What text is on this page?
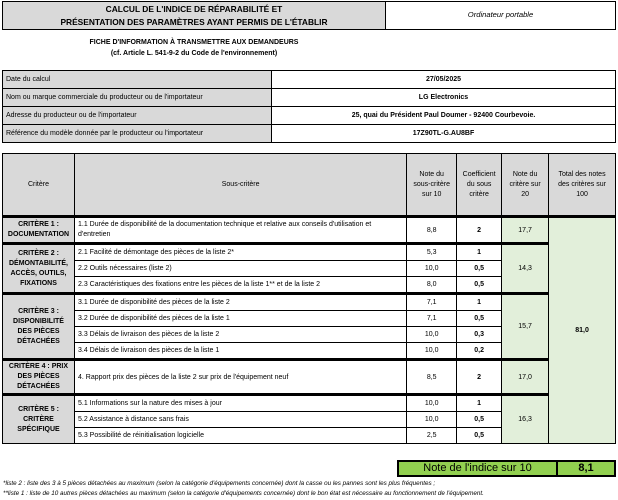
CALCUL DE L'INDICE DE RÉPARABILITÉ ET
PRÉSENTATION DES PARAMÈTRES AYANT PERMIS DE L'ÉTABLIR
Ordinateur portable
FICHE D'INFORMATION À TRANSMETTRE AUX DEMANDEURS
(cf. Article L. 541-9-2 du Code de l'environnement)
Date du calcul	27/05/2025
Nom ou marque commerciale du producteur ou de l'importateur	LG Electronics
Adresse du producteur ou de l'importateur	25, quai du Président Paul Doumer - 92400 Courbevoie.
Référence du modèle donnée par le producteur ou l'importateur	17Z90TL-G.AU8BF
Critère	Sous-critère	Note du sous-critère sur 10	Coefficient du sous critère	Note du critère sur 20	Total des notes des critères sur 100
CRITÈRE 1 : DOCUMENTATION	1.1 Durée de disponibilité de la documentation technique et relative aux conseils d'utilisation et d'entretien	8,8	2	17,7	81,0
CRITÈRE 2 : DÉMONTABILITÉ, ACCÈS, OUTILS, FIXATIONS	2.1 Facilité de démontage des pièces de la liste 2*	5,3	1	14,3	
	2.2 Outils nécessaires (liste 2)	10,0	0,5		
	2.3 Caractéristiques des fixations entre les pièces de la liste 1** et de la liste 2	8,0	0,5		
CRITÈRE 3 : DISPONIBILITÉ DES PIÈCES DÉTACHÉES	3.1 Durée de disponibilité des pièces de la liste 2	7,1	1	15,7	
	3.2 Durée de disponibilité des pièces de la liste 1	7,1	0,5		
	3.3 Délais de livraison des pièces de la liste 2	10,0	0,3		
	3.4 Délais de livraison des pièces de la liste 1	10,0	0,2		
CRITÈRE 4 : PRIX DES PIÈCES DÉTACHÉES	4. Rapport prix des pièces de la liste 2 sur prix de l'équipement neuf	8,5	2	17,0	
CRITÈRE 5 : CRITÈRE SPÉCIFIQUE	5.1 Informations sur la nature des mises à jour	10,0	1	16,3	
	5.2 Assistance à distance sans frais	10,0	0,5		
	5.3 Possibilité de réinitialisation logicielle	2,5	0,5		
Note de l'indice sur 10	8,1
*liste 2 : liste des 3 à 5 pièces détachées au maximum (selon la catégorie d'équipements concernée) dont la casse ou les pannes sont les plus fréquentes ;
**liste 1 : liste de 10 autres pièces détachées au maximum (selon la catégorie d'équipements concernée) dont le bon état est nécessaire au fonctionnement de l'équipement.
